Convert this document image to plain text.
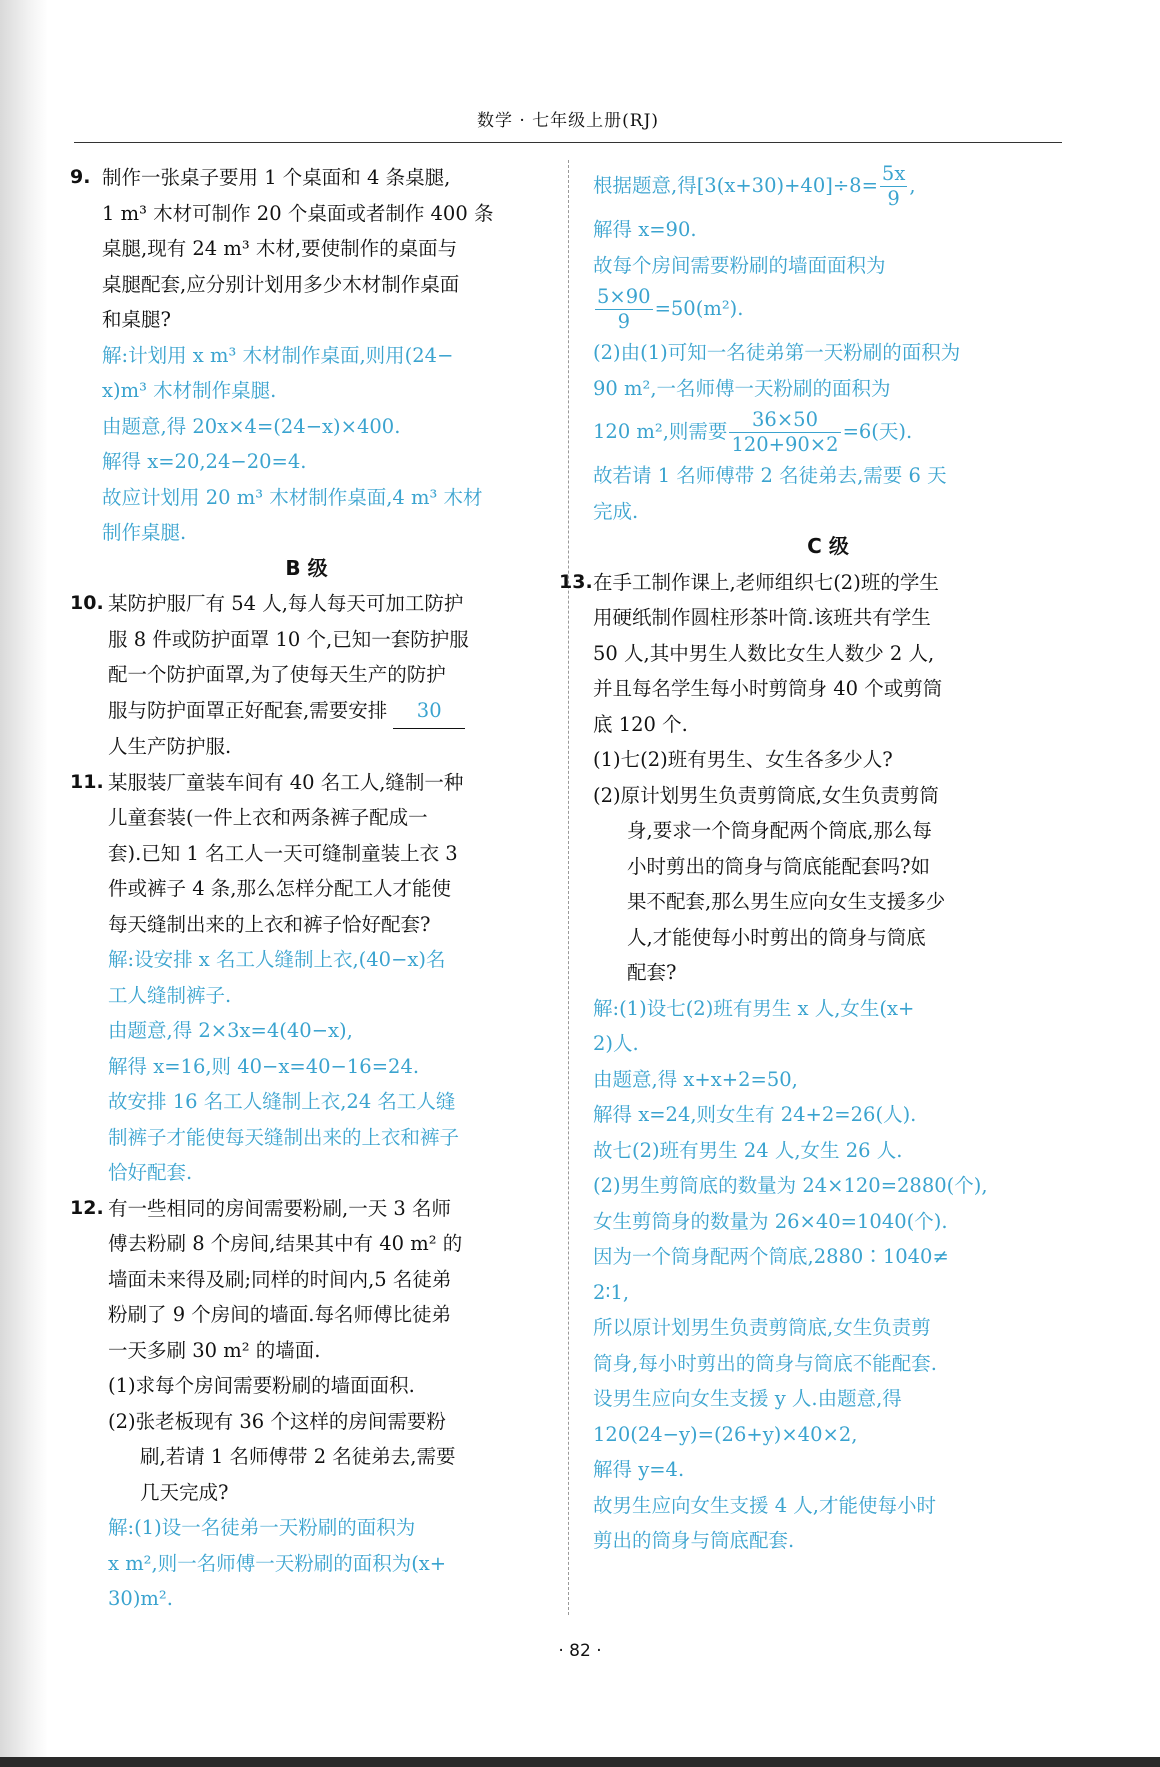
数学 · 七年级上册(RJ)
9. 制作一张桌子要用 1 个桌面和 4 条桌腿,
1 m³ 木材可制作 20 个桌面或者制作 400 条
桌腿,现有 24 m³ 木材,要使制作的桌面与
桌腿配套,应分别计划用多少木材制作桌面
和桌腿?
解:计划用 x m³ 木材制作桌面,则用(24−
x)m³ 木材制作桌腿.
由题意,得 20x×4=(24−x)×400.
解得 x=20,24−20=4.
故应计划用 20 m³ 木材制作桌面,4 m³ 木材
制作桌腿.
B 级
10. 某防护服厂有 54 人,每人每天可加工防护
服 8 件或防护面罩 10 个,已知一套防护服
配一个防护面罩,为了使每天生产的防护
服与防护面罩正好配套,需要安排 30
人生产防护服.
11. 某服装厂童装车间有 40 名工人,缝制一种
儿童套装(一件上衣和两条裤子配成一
套).已知 1 名工人一天可缝制童装上衣 3
件或裤子 4 条,那么怎样分配工人才能使
每天缝制出来的上衣和裤子恰好配套?
解:设安排 x 名工人缝制上衣,(40−x)名
工人缝制裤子.
由题意,得 2×3x=4(40−x),
解得 x=16,则 40−x=40−16=24.
故安排 16 名工人缝制上衣,24 名工人缝
制裤子才能使每天缝制出来的上衣和裤子
恰好配套.
12. 有一些相同的房间需要粉刷,一天 3 名师
傅去粉刷 8 个房间,结果其中有 40 m² 的
墙面未来得及刷;同样的时间内,5 名徒弟
粉刷了 9 个房间的墙面.每名师傅比徒弟
一天多刷 30 m² 的墙面.
(1)求每个房间需要粉刷的墙面面积.
(2)张老板现有 36 个这样的房间需要粉
刷,若请 1 名师傅带 2 名徒弟去,需要
几天完成?
解:(1)设一名徒弟一天粉刷的面积为
x m²,则一名师傅一天粉刷的面积为(x+
30)m².
根据题意,得$[3(x+30)+40]\div 8= \frac{5x}{9}$ ,
解得 x=90.
故每个房间需要粉刷的墙面面积为
$\frac{5\times 90}{9} =50(m^2)$.
(2)由(1)可知一名徒弟第一天粉刷的面积为
90 m²,一名师傅一天粉刷的面积为
120 m²,则需要 $\frac{36\times 50}{120+90\times 2} =6$(天).
故若请 1 名师傅带 2 名徒弟去,需要 6 天
完成.
C 级
13. 在手工制作课上,老师组织七(2)班的学生
用硬纸制作圆柱形茶叶筒.该班共有学生
50 人,其中男生人数比女生人数少 2 人,
并且每名学生每小时剪筒身 40 个或剪筒
底 120 个.
(1)七(2)班有男生、女生各多少人?
(2)原计划男生负责剪筒底,女生负责剪筒
身,要求一个筒身配两个筒底,那么每
小时剪出的筒身与筒底能配套吗?如
果不配套,那么男生应向女生支援多少
人,才能使每小时剪出的筒身与筒底
配套?
解:(1)设七(2)班有男生 x 人,女生(x+
2)人.
由题意,得 x+x+2=50,
解得 x=24,则女生有 24+2=26(人).
故七(2)班有男生 24 人,女生 26 人.
(2)男生剪筒底的数量为 24×120=2880(个),
女生剪筒身的数量为 26×40=1040(个).
因为一个筒身配两个筒底,2880∶1040≠
2∶1,
所以原计划男生负责剪筒底,女生负责剪
筒身,每小时剪出的筒身与筒底不能配套.
设男生应向女生支援 y 人.由题意,得
120(24−y)=(26+y)×40×2,
解得 y=4.
故男生应向女生支援 4 人,才能使每小时
剪出的筒身与筒底配套.
· 82 ·
